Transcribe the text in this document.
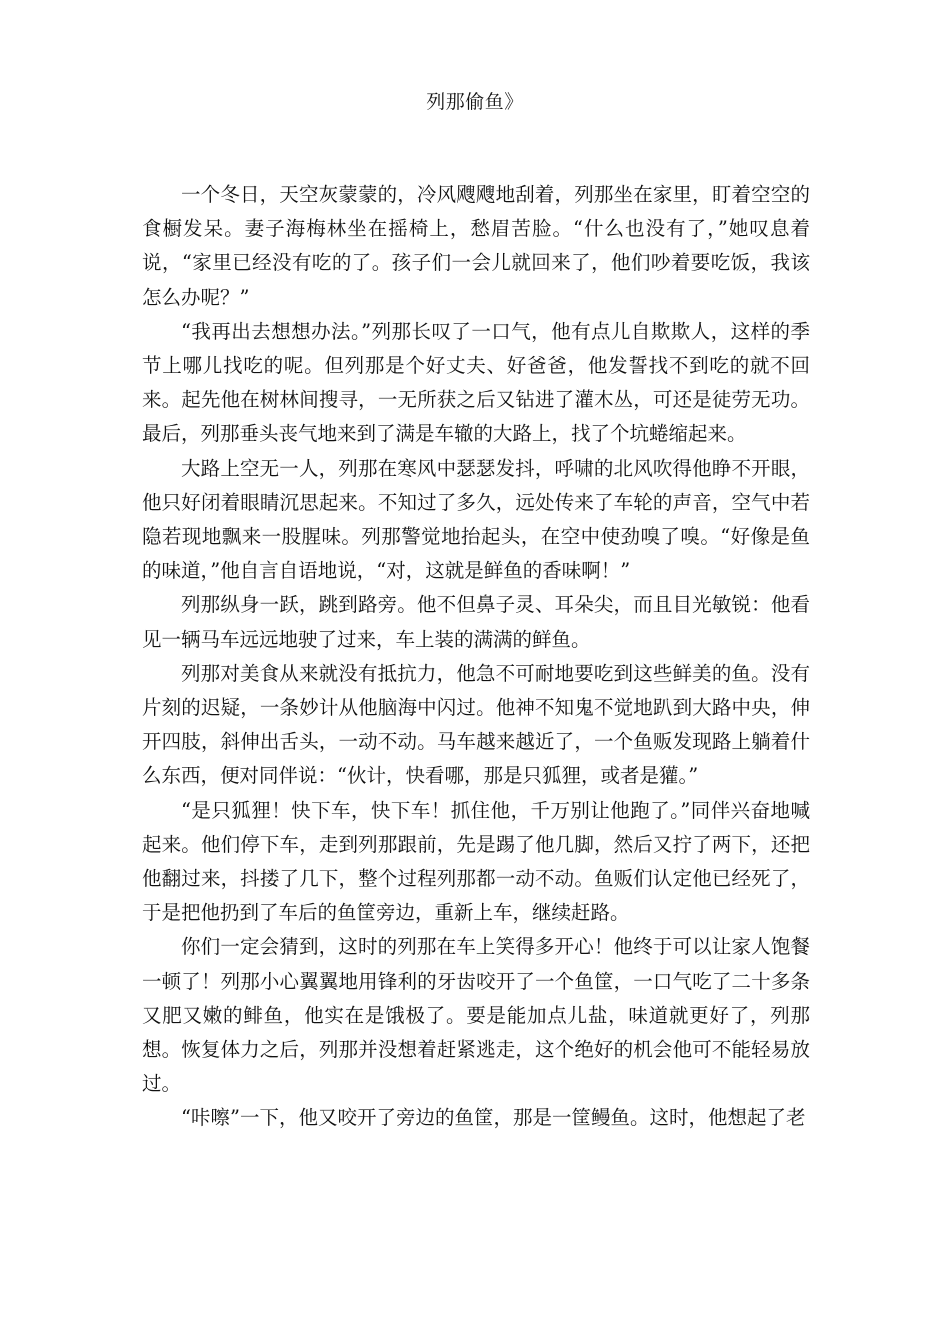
列那偷鱼》

一个冬日，天空灰蒙蒙的，冷风飕飕地刮着，列那坐在家里，盯着空空的食橱发呆。妻子海梅林坐在摇椅上，愁眉苦脸。“什么也没有了，”她叹息着说，“家里已经没有吃的了。孩子们一会儿就回来了，他们吵着要吃饭，我该怎么办呢？”

“我再出去想想办法。”列那长叹了一口气，他有点儿自欺欺人，这样的季节上哪儿找吃的呢。但列那是个好丈夫、好爸爸，他发誓找不到吃的就不回来。起先他在树林间搜寻，一无所获之后又钻进了灌木丛，可还是徒劳无功。最后，列那垂头丧气地来到了满是车辙的大路上，找了个坑蜷缩起来。

大路上空无一人，列那在寒风中瑟瑟发抖，呼啸的北风吹得他睁不开眼，他只好闭着眼睛沉思起来。不知过了多久，远处传来了车轮的声音，空气中若隐若现地飘来一股腥味。列那警觉地抬起头，在空中使劲嗅了嗅。“好像是鱼的味道，”他自言自语地说，“对，这就是鲜鱼的香味啊！”

列那纵身一跃，跳到路旁。他不但鼻子灵、耳朵尖，而且目光敏锐：他看见一辆马车远远地驶了过来，车上装的满满的鲜鱼。

列那对美食从来就没有抵抗力，他急不可耐地要吃到这些鲜美的鱼。没有片刻的迟疑，一条妙计从他脑海中闪过。他神不知鬼不觉地趴到大路中央，伸开四肢，斜伸出舌头，一动不动。马车越来越近了，一个鱼贩发现路上躺着什么东西，便对同伴说：“伙计，快看哪，那是只狐狸，或者是獾。”

“是只狐狸！快下车，快下车！抓住他，千万别让他跑了。”同伴兴奋地喊起来。他们停下车，走到列那跟前，先是踢了他几脚，然后又拧了两下，还把他翻过来，抖搂了几下，整个过程列那都一动不动。鱼贩们认定他已经死了，于是把他扔到了车后的鱼筐旁边，重新上车，继续赶路。

你们一定会猜到，这时的列那在车上笑得多开心！他终于可以让家人饱餐一顿了！列那小心翼翼地用锋利的牙齿咬开了一个鱼筐，一口气吃了二十多条又肥又嫩的鲱鱼，他实在是饿极了。要是能加点儿盐，味道就更好了，列那想。恢复体力之后，列那并没想着赶紧逃走，这个绝好的机会他可不能轻易放过。

“咔嚓”一下，他又咬开了旁边的鱼筐，那是一筐鳗鱼。这时，他想起了老
